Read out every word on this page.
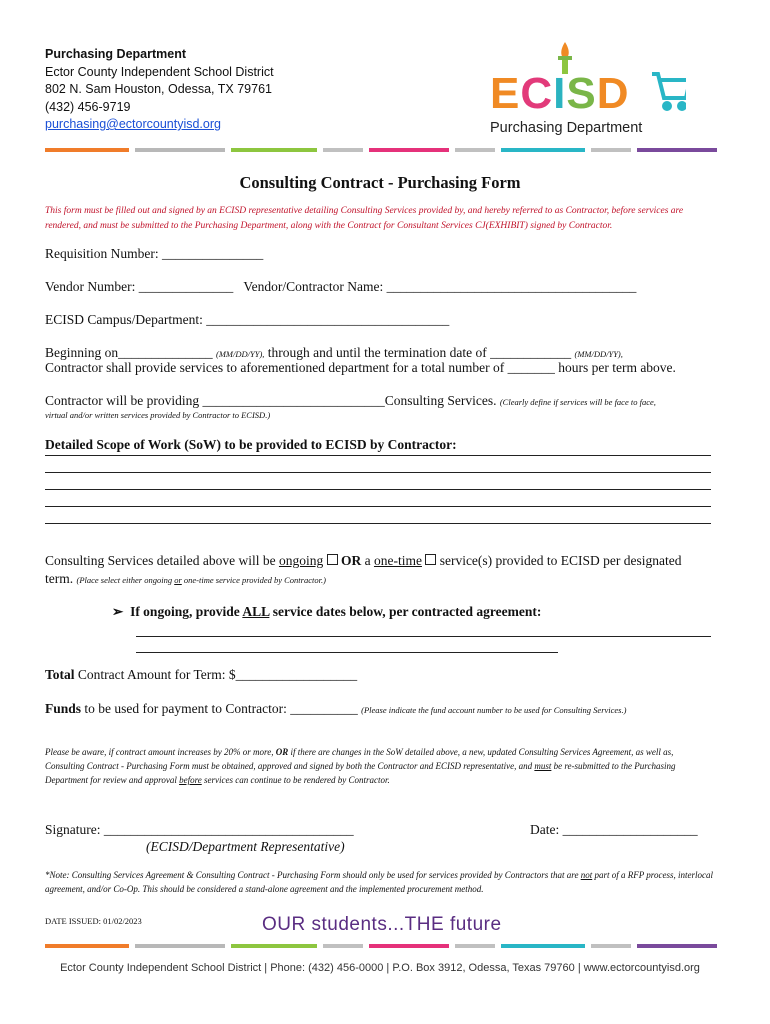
Purchasing Department
Ector County Independent School District
802 N. Sam Houston, Odessa, TX 79761
(432) 456-9719
purchasing@ectorcountyisd.org
ECISD
Purchasing Department
Consulting Contract - Purchasing Form
This form must be filled out and signed by an ECISD representative detailing Consulting Services provided by, and hereby referred to as Contractor, before services are rendered, and must be submitted to the Purchasing Department, along with the Contract for Consultant Services CJ(EXHIBIT) signed by Contractor.
Requisition Number: _______________
Vendor Number: ______________ Vendor/Contractor Name: _____________________________________
ECISD Campus/Department: ____________________________________
Beginning on______________ (MM/DD/YY), through and until the termination date of ____________ (MM/DD/YY),
Contractor shall provide services to aforementioned department for a total number of _______ hours per term above.
Contractor will be providing ___________________________Consulting Services. (Clearly define if services will be face to face,
virtual and/or written services provided by Contractor to ECISD.)
Detailed Scope of Work (SoW) to be provided to ECISD by Contractor:
Consulting Services detailed above will be ongoing OR a one-time  service(s) provided to ECISD per designated
term. (Place select either ongoing or one-time service provided by Contractor.)
➢ If ongoing, provide ALL service dates below, per contracted agreement:
Total Contract Amount for Term: $__________________
Funds to be used for payment to Contractor: __________ (Please indicate the fund account number to be used for Consulting Services.)
Please be aware, if contract amount increases by 20% or more, OR if there are changes in the SoW detailed above, a new, updated Consulting Services Agreement, as well as, Consulting Contract - Purchasing Form must be obtained, approved and signed by both the Contractor and ECISD representative, and must be re-submitted to the Purchasing Department for review and approval before services can continue to be rendered by Contractor.
Signature: _____________________________________	Date: ____________________
(ECISD/Department Representative)
*Note: Consulting Services Agreement & Consulting Contract - Purchasing Form should only be used for services provided by Contractors that are not part of a RFP process, interlocal agreement, and/or Co-Op. This should be considered a stand-alone agreement and the implemented procurement method.
DATE ISSUED: 01/02/2023	OUR students...THE future
Ector County Independent School District | Phone: (432) 456-0000 | P.O. Box 3912, Odessa, Texas 79760 | www.ectorcountyisd.org
